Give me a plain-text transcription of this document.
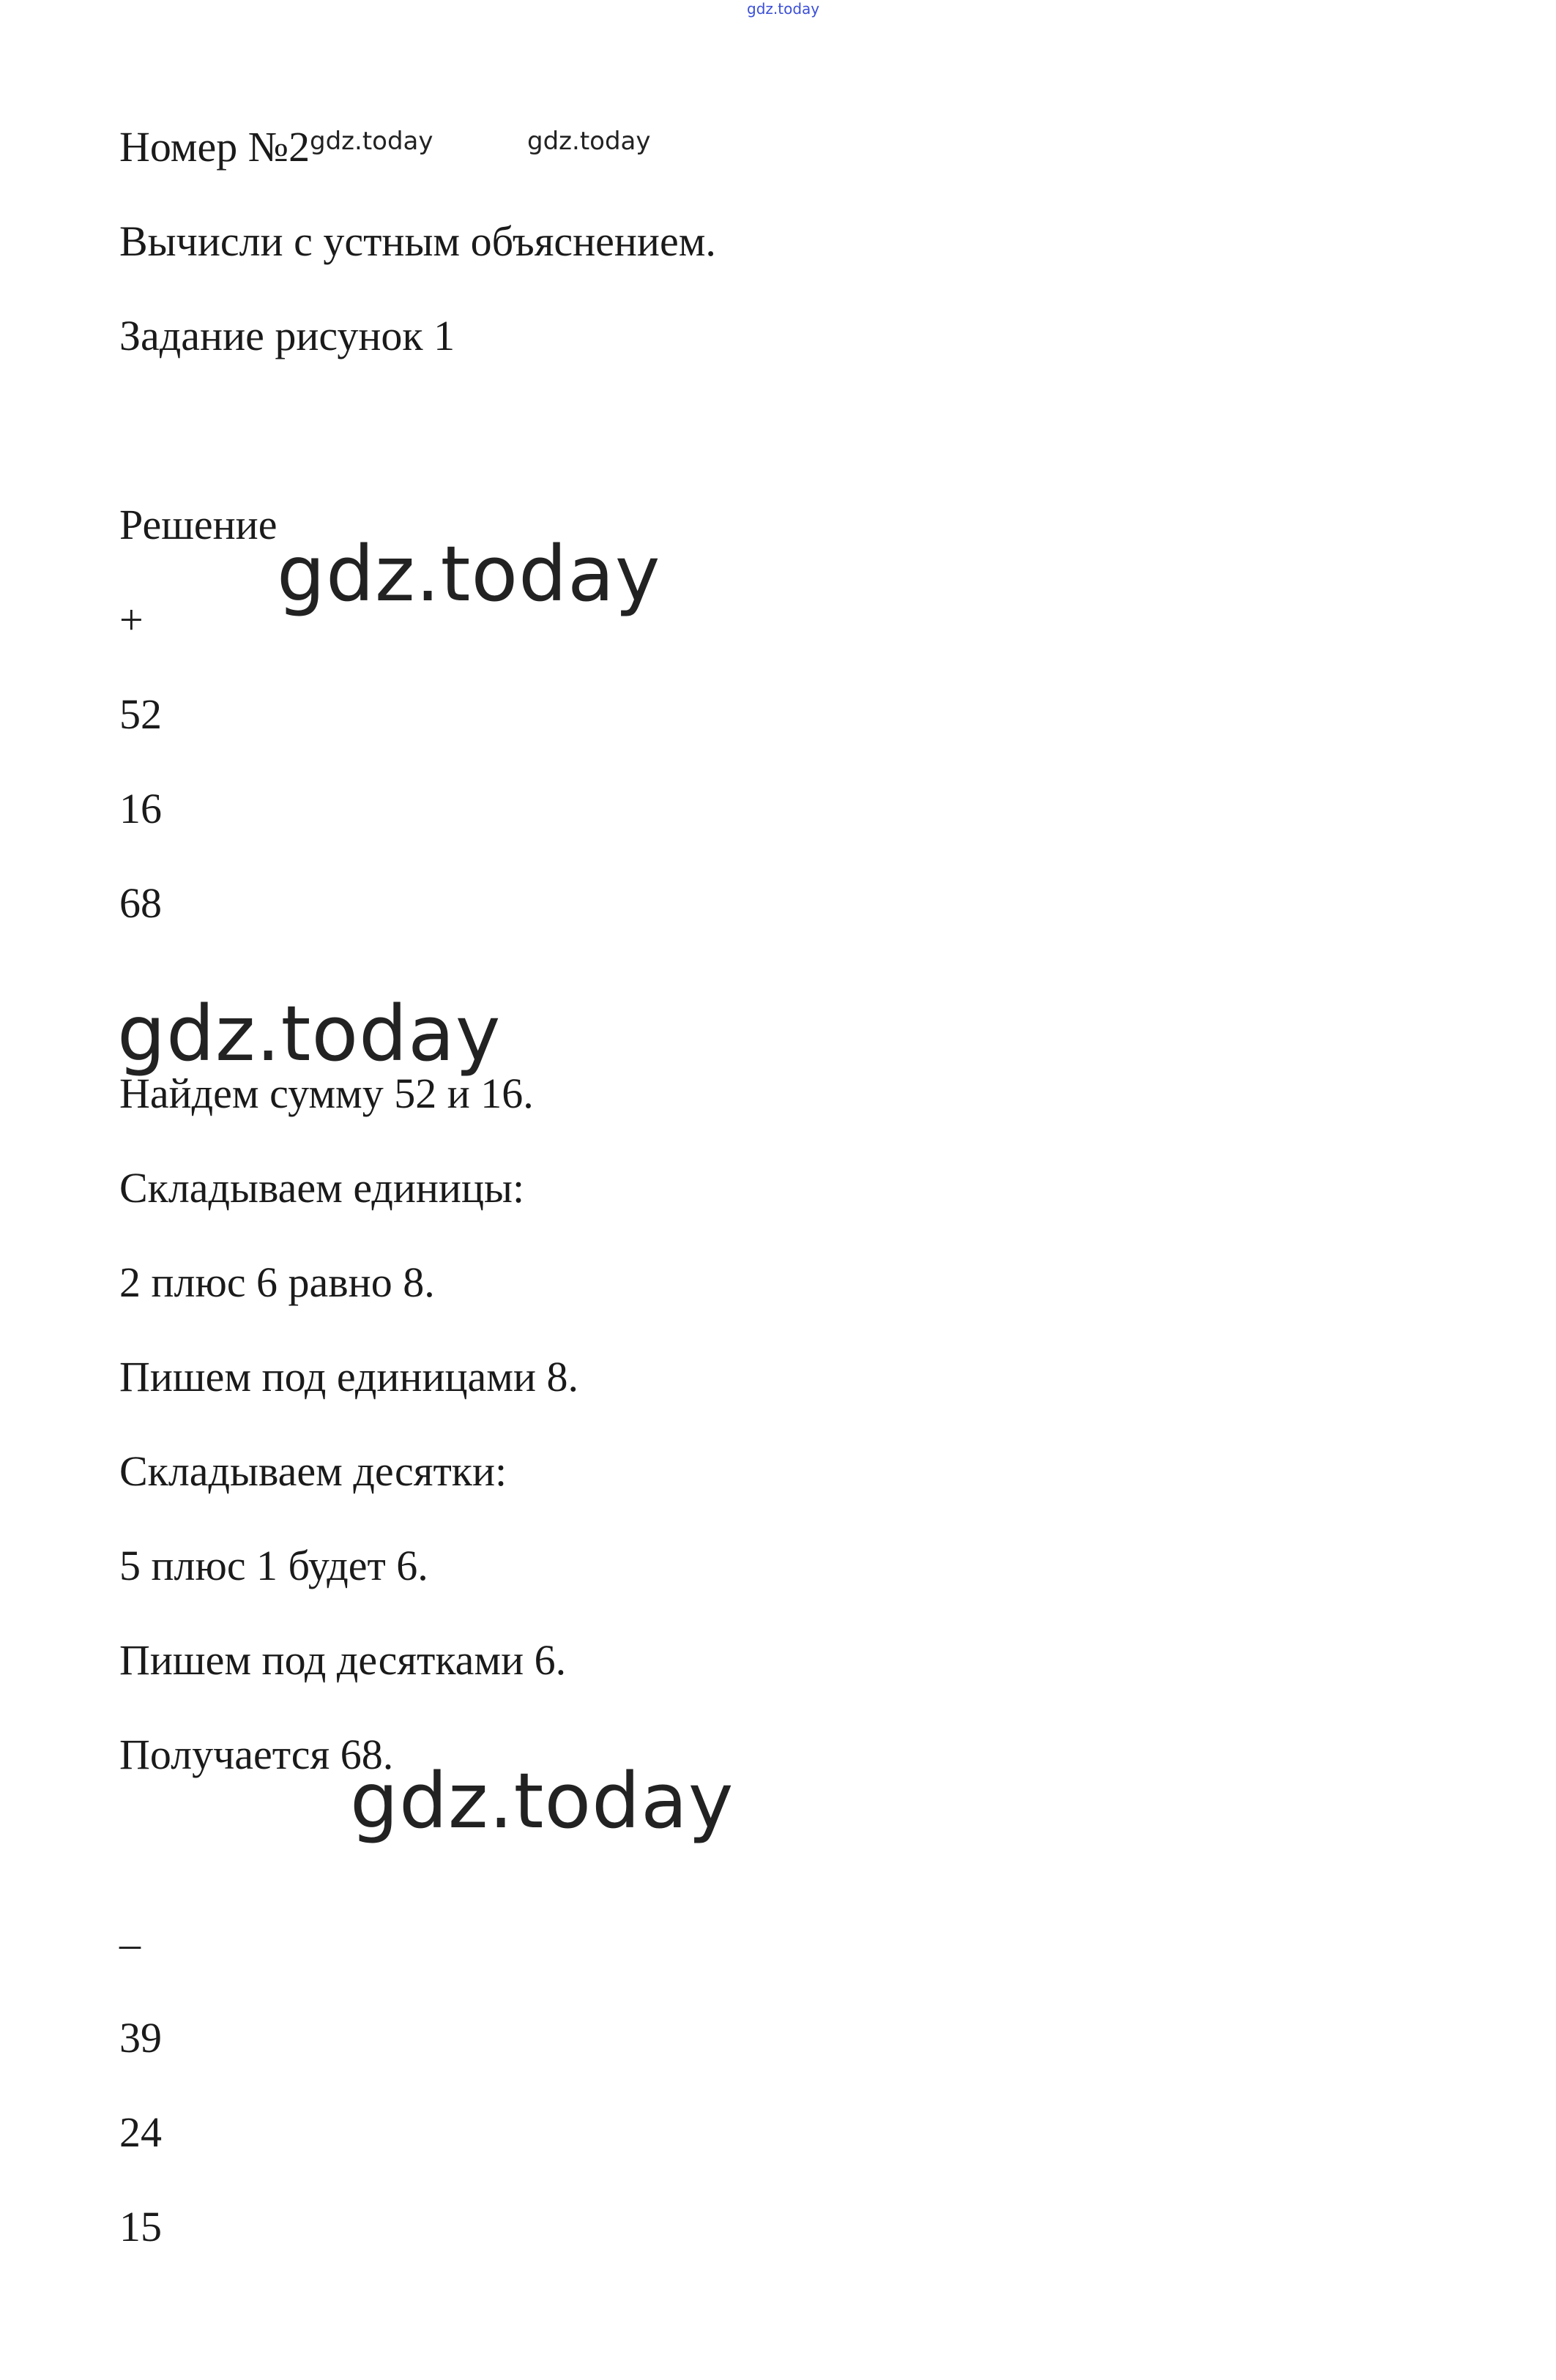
gdz.today
Номер №2 gdz.today	gdz.today
Вычисли с устным объяснением.
Задание рисунок 1
Решение
gdz.today
+
52
16
68
gdz.today
Найдем сумму 52 и 16.
Складываем единицы:
2 плюс 6 равно 8.
Пишем под единицами 8.
Складываем десятки:
5 плюс 1 будет 6.
Пишем под десятками 6.
Получается 68.
gdz.today
–
39
24
15
